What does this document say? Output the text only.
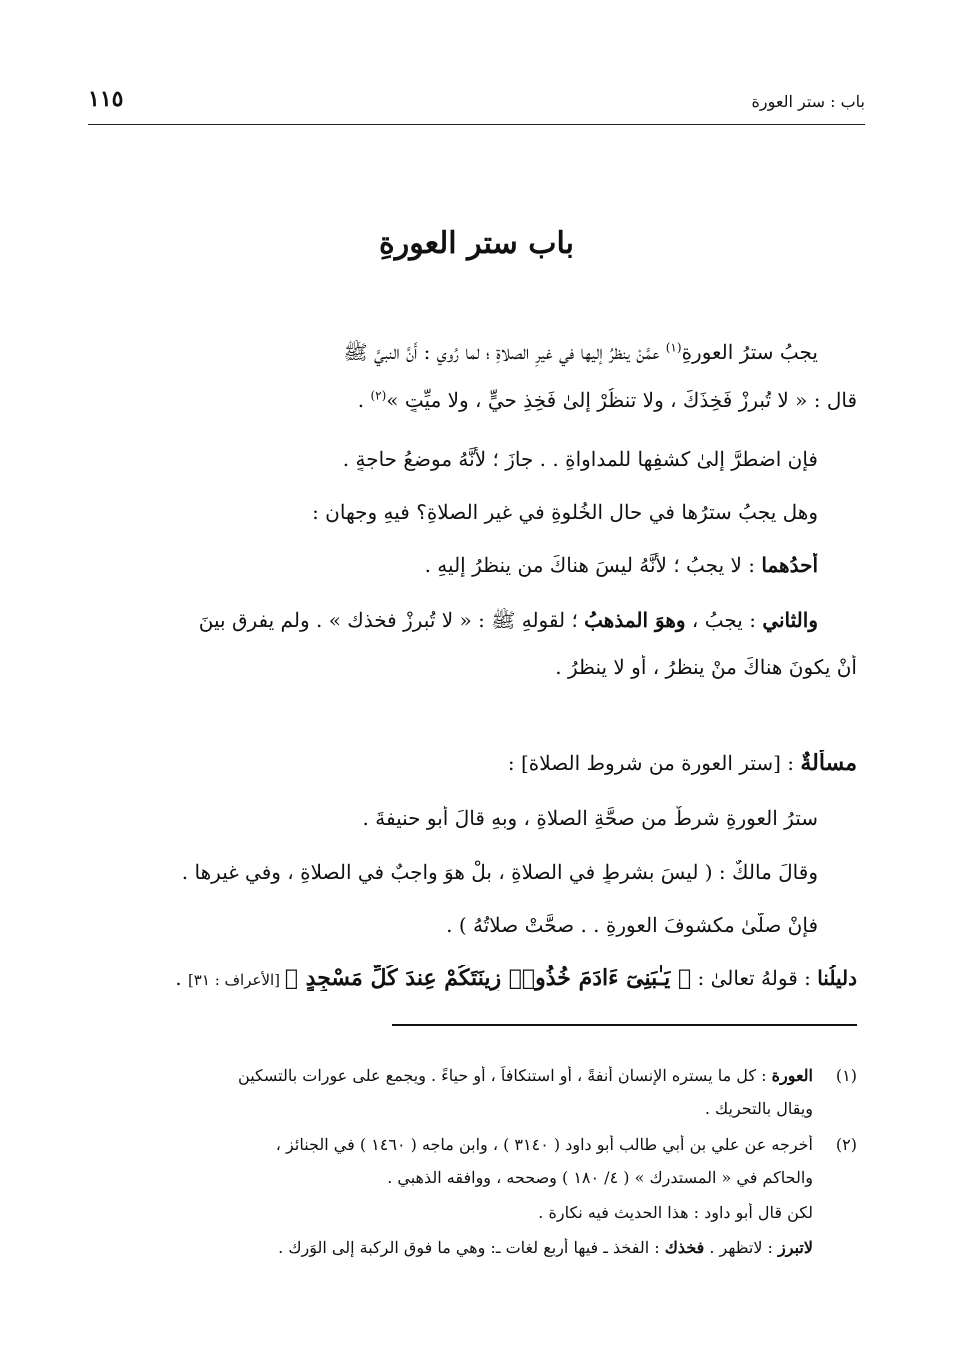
١١٥	باب : ستر العورة
باب ستر العورةِ
يجبُ سترُ العورةِ$^{(١)}$ عمَّنْ ينظرُ إليها في غيرِ الصلاةِ ؛ لما رُوي : أَنَّ النبيَّ ﷺ
قال : « لا تُبرزْ فَخِذَكَ ، ولا تنظُرْ إلىٰ فَخِذِ حيٍّ ، ولا ميِّتٍ »$^{(٢)}$ .
فإنِ اضطرَّ إلىٰ كشفِها للمداواةِ . . جازَ ؛ لأنَّهُ موضعُ حاجةٍ .
وهل يجبُ سترُها في حالِ الخُلوةِ في غيرِ الصلاةِ؟ فيهِ وجهانِ :
أحدُهما : لا يجبُ ؛ لأنَّهُ ليسَ هناكَ من ينظرُ إليهِ .
والثاني : يجبُ ، وهوَ المذهبُ ؛ لقولهِ ﷺ : « لا تُبرزْ فخذك » . ولم يفرق بينَ
أَنْ يكونَ هناكَ منْ ينظرُ ، أو لا ينظرُ .
مسألةٌ : [ستر العورة من شروط الصلاة] :
سترُ العورةِ شرطٌ من صحَّةِ الصلاةِ ، وبهِ قالَ أبو حنيفةَ .
وقالَ مالكٌ : ( ليسَ بشرطٍ في الصلاةِ ، بلْ هوَ واجبٌ في الصلاةِ ، وفي غيرها .
فإنْ صلَّىٰ مكشوفَ العورةِ . . صحَّتْ صلاتُهُ ) .
دليلُنا : قولهُ تعالىٰ : ﴿ يَـٰبَنِىٓ ءَادَمَ خُذُوا۟ زِينَتَكُمْ عِندَ كُلِّ مَسْجِدٍ ﴾ [الأعراف : ٣١] .
(١)العورة : كل ما يستره الإنسان أنفةً ، أو استنكافاً ، أو حياءً . ويجمع على عورات بالتسكين
ويقال بالتحريك .
(٢)أخرجه عن علي بن أبي طالب أبو داود ( ٣١٤٠ ) ، وابن ماجه ( ١٤٦٠ ) في الجنائز ،
والحاكم في « المستدرك » ( ٤/ ١٨٠ ) وصححه ، ووافقه الذهبي .
لكن قال أبو داود : هذا الحديث فيه نكارة .
لاتبرز : لاتظهر . فخذك : الفخذ ـ فيها أربع لغات ـ: وهي ما فوق الركبة إلى الوَرِك .
